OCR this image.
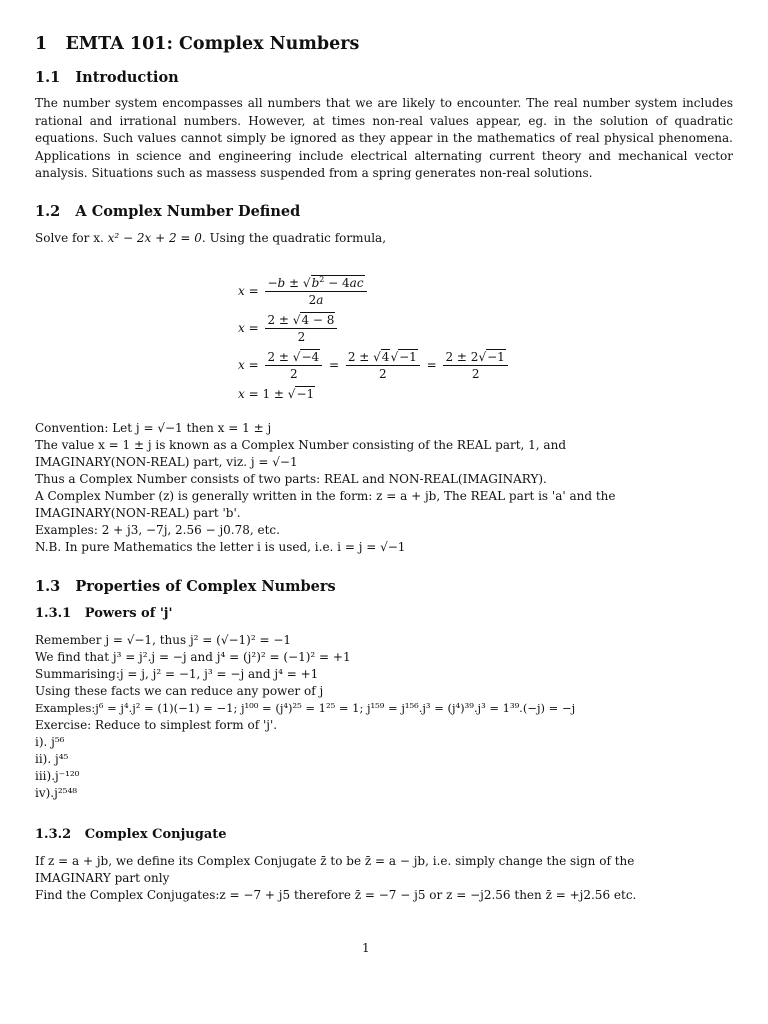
1 EMTA 101: Complex Numbers
1.1 Introduction
The number system encompasses all numbers that we are likely to encounter. The real number system includes rational and irrational numbers. However, at times non-real values appear, eg. in the solution of quadratic equations. Such values cannot simply be ignored as they appear in the mathematics of real physical phenomena. Applications in science and engineering include electrical alternating current theory and mechanical vector analysis. Situations such as massess suspended from a spring generates non-real solutions.
1.2 A Complex Number Defined
Solve for x. x² − 2x + 2 = 0. Using the quadratic formula,
$x = \frac{-b \pm √b^2 - 4ac}{2a}$
$x = \frac{2 \pm √4 - 8}{2}$
$x = \frac{2 \pm √-4}{2} = \frac{2 \pm √4√-1}{2} = \frac{2 \pm 2√-1}{2}$
x = 1 ± √−1
Convention: Let j = √−1 then x = 1 ± j
The value x = 1 ± j is known as a Complex Number consisting of the REAL part, 1, and
IMAGINARY(NON-REAL) part, viz. j = √−1
Thus a Complex Number consists of two parts: REAL and NON-REAL(IMAGINARY).
A Complex Number (z) is generally written in the form: z = a + jb, The REAL part is 'a' and the
IMAGINARY(NON-REAL) part 'b'.
Examples: 2 + j3, −7j, 2.56 − j0.78, etc.
N.B. In pure Mathematics the letter i is used, i.e. i = j = √−1
1.3 Properties of Complex Numbers
1.3.1 Powers of 'j'
Remember j = √−1, thus j² = (√−1)² = −1
We find that j³ = j².j = −j and j⁴ = (j²)² = (−1)² = +1
Summarising:j = j, j² = −1, j³ = −j and j⁴ = +1
Using these facts we can reduce any power of j
Examples:j⁶ = j⁴.j² = (1)(−1) = −1; j¹⁰⁰ = (j⁴)²⁵ = 1²⁵ = 1; j¹⁵⁹ = j¹⁵⁶.j³ = (j⁴)³⁹.j³ = 1³⁹.(−j) = −j
Exercise: Reduce to simplest form of 'j'.
i). j⁵⁶
ii). j⁴⁵
iii).j⁻¹²⁰
iv).j²⁵⁴⁸
1.3.2 Complex Conjugate
If z = a + jb, we define its Complex Conjugate z̄ to be z̄ = a − jb, i.e. simply change the sign of the
IMAGINARY part only
Find the Complex Conjugates:z = −7 + j5 therefore z̄ = −7 − j5 or z = −j2.56 then z̄ = +j2.56 etc.
1
